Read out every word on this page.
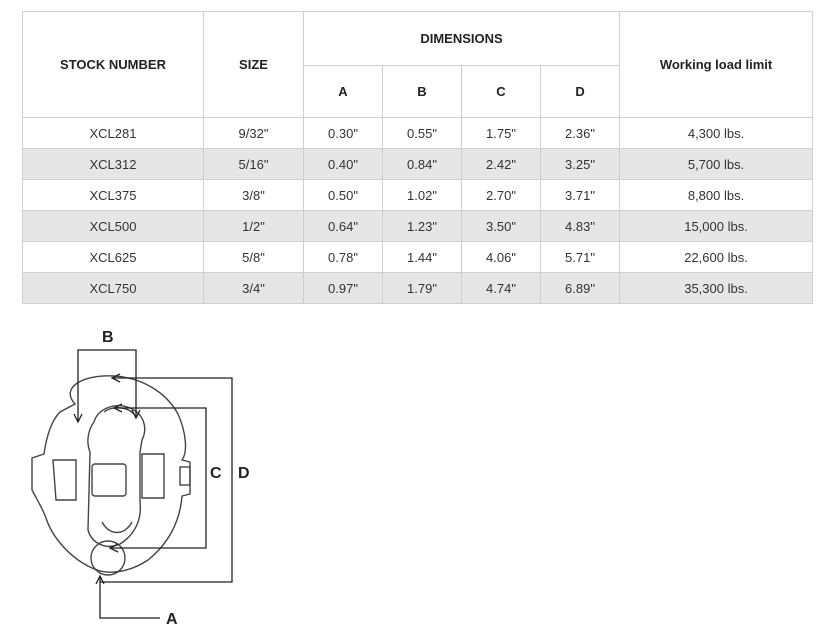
STOCK NUMBER	SIZE	DIMENSIONS				Working load limit
		A	B	C	D	
XCL281	9/32"	0.30"	0.55"	1.75"	2.36"	4,300 lbs.
XCL312	5/16"	0.40"	0.84"	2.42"	3.25"	5,700 lbs.
XCL375	3/8"	0.50"	1.02"	2.70"	3.71"	8,800 lbs.
XCL500	1/2"	0.64"	1.23"	3.50"	4.83"	15,000 lbs.
XCL625	5/8"	0.78"	1.44"	4.06"	5.71"	22,600 lbs.
XCL750	3/4"	0.97"	1.79"	4.74"	6.89"	35,300 lbs.
B
C D
A
